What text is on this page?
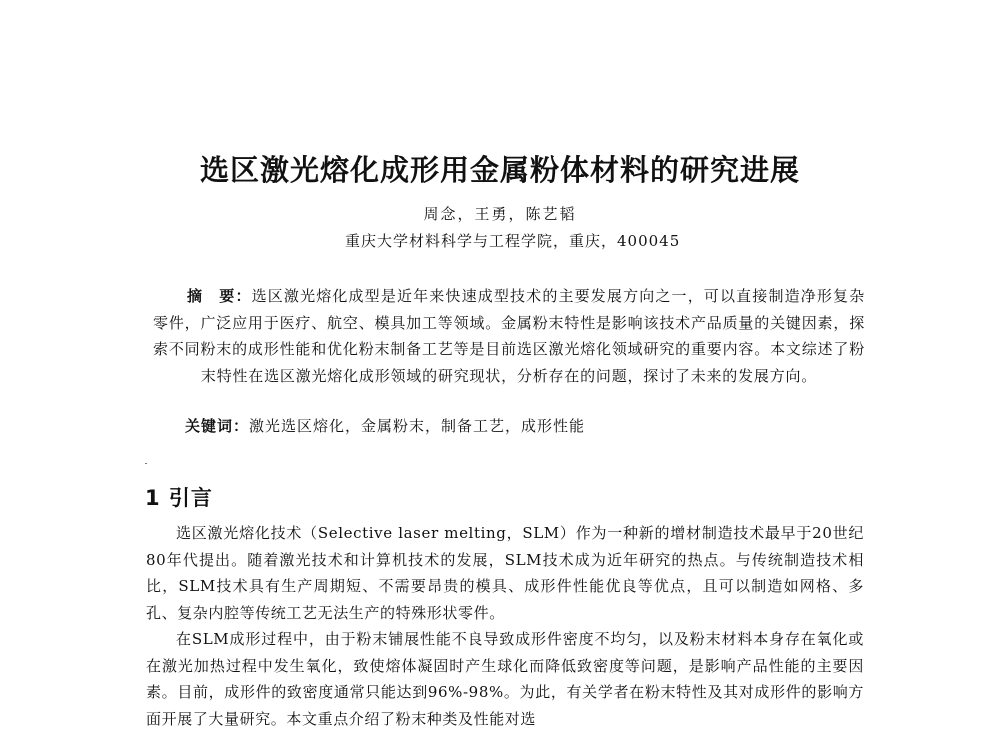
选区激光熔化成形用金属粉体材料的研究进展
周念，王勇，陈艺韬
重庆大学材料科学与工程学院，重庆，400045
摘　要：选区激光熔化成型是近年来快速成型技术的主要发展方向之一，可以直接制造净形复杂零件，广泛应用于医疗、航空、模具加工等领域。金属粉末特性是影响该技术产品质量的关键因素，探索不同粉末的成形性能和优化粉末制备工艺等是目前选区激光熔化领域研究的重要内容。本文综述了粉末特性在选区激光熔化成形领域的研究现状，分析存在的问题，探讨了未来的发展方向。
关键词：激光选区熔化，金属粉末，制备工艺，成形性能
1 引言

选区激光熔化技术（Selective laser melting，SLM）作为一种新的增材制造技术最早于20世纪80年代提出。随着激光技术和计算机技术的发展，SLM技术成为近年研究的热点。与传统制造技术相比，SLM技术具有生产周期短、不需要昂贵的模具、成形件性能优良等优点，且可以制造如网格、多孔、复杂内腔等传统工艺无法生产的特殊形状零件。

在SLM成形过程中，由于粉末铺展性能不良导致成形件密度不均匀，以及粉末材料本身存在氧化或在激光加热过程中发生氧化，致使熔体凝固时产生球化而降低致密度等问题，是影响产品性能的主要因素。目前，成形件的致密度通常只能达到96%-98%。为此，有关学者在粉末特性及其对成形件的影响方面开展了大量研究。本文重点介绍了粉末种类及性能对选
